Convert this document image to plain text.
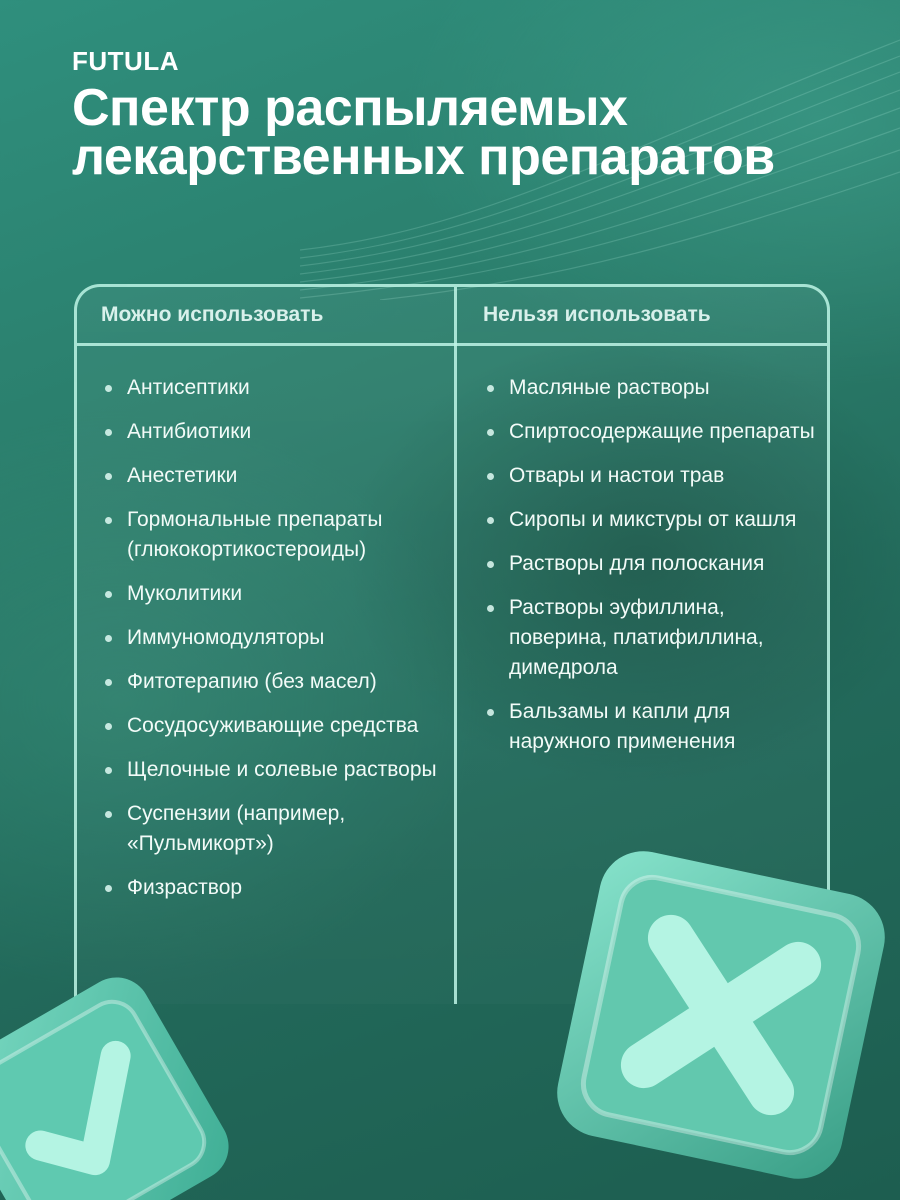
FUTULA
Спектр распыляемых лекарственных препаратов
Можно использовать	Нельзя использовать
Антисептики
Антибиотики
Анестетики
Гормональные препараты (глюкокортикостероиды)
Муколитики
Иммуномодуляторы
Фитотерапию (без масел)
Сосудосуживающие средства
Щелочные и солевые растворы
Суспензии (например, «Пульмикорт»)
Физраствор
Масляные растворы
Спиртосодержащие препараты
Отвары и настои трав
Сиропы и микстуры от кашля
Растворы для полоскания
Растворы эуфиллина, поверина, платифиллина, димедрола
Бальзамы и капли для наружного применения
